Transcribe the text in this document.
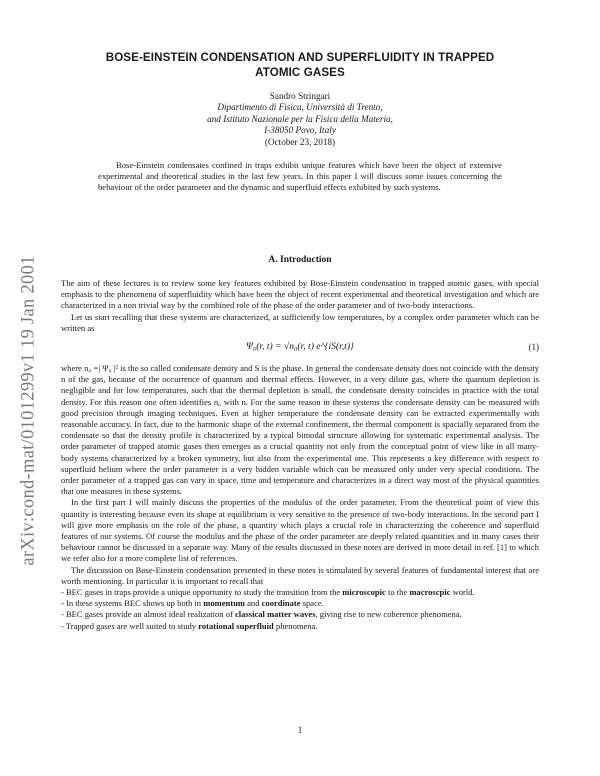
arXiv:cond-mat/0101299v1 19 Jan 2001
BOSE-EINSTEIN CONDENSATION AND SUPERFLUIDITY IN TRAPPED
ATOMIC GASES
Sandro Stringari
Dipartimento di Fisica, Università di Trento,
and Istituto Nazionale per la Fisica della Materia,
I-38050 Povo, Italy
(October 23, 2018)

Bose-Einstein condensates confined in traps exhibit unique features which have been the object of extensive experimental and theoretical studies in the last few years. In this paper I will discuss some issues concerning the behaviour of the order parameter and the dynamic and superfluid effects exhibited by such systems.

A. Introduction

The aim of these lectures is to review some key features exhibited by Bose-Einstein condensation in trapped atomic gases, with special emphasis to the phenomena of superfluidity which have been the object of recent experimental and theoretical investigation and which are characterized in a non trivial way by the combined role of the phase of the order parameter and of two-body interactions.

Let us start recalling that these systems are characterized, at sufficiently low temperatures, by a complex order parameter which can be written as

Ψ₀(r, t) = √n₀(r, t) e^{iS(r,t)}	(1)

where n₀ =| Ψ₀ |² is the so called condensate density and S is the phase. In general the condensate density does not coincide with the density n of the gas, because of the occurrence of quantum and thermal effects. However, in a very dilute gas, where the quantum depletion is negligible and for low temperatures, such that the thermal depletion is small, the condensate density coincides in practice with the total density. For this reason one often identifies n₀ with n. For the same reason in these systems the condensate density can be measured with good precision through imaging techniques. Even at higher temperature the condensate density can be extracted experimentally with reasonable accuracy. In fact, due to the harmonic shape of the external confinement, the thermal component is spacially separated from the condensate so that the density profile is characterized by a typical bimodal structure allowing for systematic experimental analysis. The order parameter of trapped atomic gases then emerges as a crucial quantity not only from the conceptual point of view like in all many-body systems characterized by a broken symmetry, but also from the experimental one. This represents a key difference with respect to superfluid helium where the order parameter is a very hidden variable which can be measured only under very special conditions. The order parameter of a trapped gas can vary in space, time and temperature and characterizes in a direct way most of the physical quantities that one measures in these systems.

In the first part I will mainly discuss the properties of the modulus of the order parameter. From the theoretical point of view this quantity is interesting because even its shape at equilibrium is very sensitive to the presence of two-body interactions. In the second part I will give more emphasis on the role of the phase, a quantity which plays a crucial role in characterizing the coherence and superfluid features of our systems. Of course the modulus and the phase of the order parameter are deeply related quantities and in many cases their behaviour cannot be discussed in a separate way. Many of the results discussed in these notes are derived in more detail in ref. [1] to which we refer also for a more complete list of references.

The discussion on Bose-Einstein condensation presented in these notes is stimulated by several features of fundamental interest that are worth mentioning. In particular it is important to recall that

- BEC gases in traps provide a unique opportunity to study the transition from the microscopic to the macroscpic world.
- In these systems BEC shows up both in momentum and coordinate space.
- BEC gases provide an almost ideal realization of classical matter waves, giving rise to new coherence phenomena.
- Trapped gases are well suited to study rotational superfluid phenomena.
1
